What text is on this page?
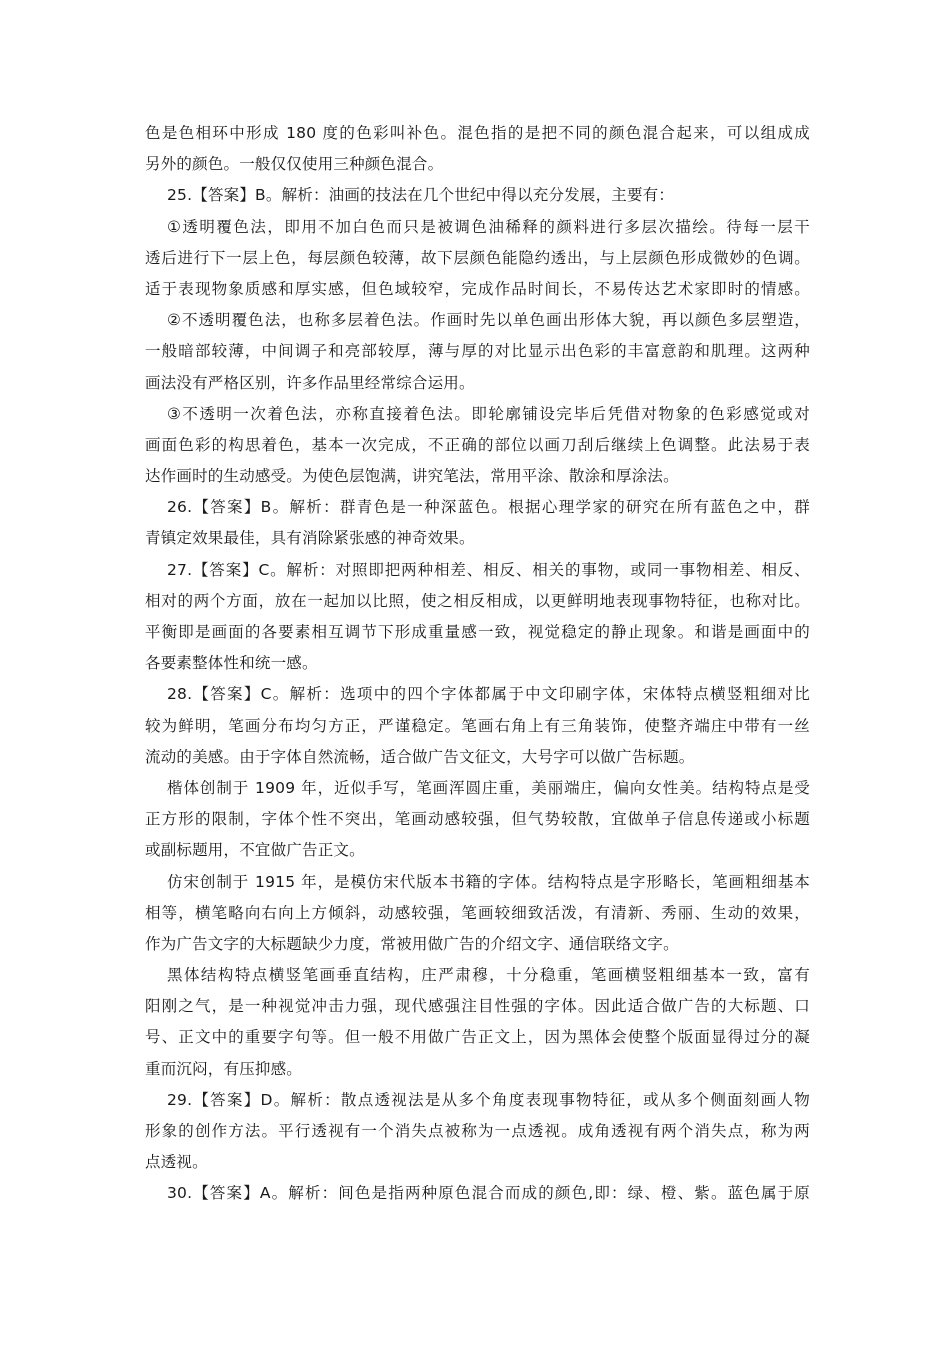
色是色相环中形成 180 度的色彩叫补色。混色指的是把不同的颜色混合起来，可以组成成
另外的颜色。一般仅仅使用三种颜色混合。
25.【答案】B。解析：油画的技法在几个世纪中得以充分发展，主要有：
①透明覆色法，即用不加白色而只是被调色油稀释的颜料进行多层次描绘。待每一层干
透后进行下一层上色，每层颜色较薄，故下层颜色能隐约透出，与上层颜色形成微妙的色调。
适于表现物象质感和厚实感，但色域较窄，完成作品时间长，不易传达艺术家即时的情感。
②不透明覆色法，也称多层着色法。作画时先以单色画出形体大貌，再以颜色多层塑造，
一般暗部较薄，中间调子和亮部较厚，薄与厚的对比显示出色彩的丰富意韵和肌理。这两种
画法没有严格区别，许多作品里经常综合运用。
③不透明一次着色法，亦称直接着色法。即轮廓铺设完毕后凭借对物象的色彩感觉或对
画面色彩的构思着色，基本一次完成，不正确的部位以画刀刮后继续上色调整。此法易于表
达作画时的生动感受。为使色层饱满，讲究笔法，常用平涂、散涂和厚涂法。
26.【答案】B。解析：群青色是一种深蓝色。根据心理学家的研究在所有蓝色之中，群
青镇定效果最佳，具有消除紧张感的神奇效果。
27.【答案】C。解析：对照即把两种相差、相反、相关的事物，或同一事物相差、相反、
相对的两个方面，放在一起加以比照，使之相反相成，以更鲜明地表现事物特征，也称对比。
平衡即是画面的各要素相互调节下形成重量感一致，视觉稳定的静止现象。和谐是画面中的
各要素整体性和统一感。
28.【答案】C。解析：选项中的四个字体都属于中文印刷字体，宋体特点横竖粗细对比
较为鲜明，笔画分布均匀方正，严谨稳定。笔画右角上有三角装饰，使整齐端庄中带有一丝
流动的美感。由于字体自然流畅，适合做广告文征文，大号字可以做广告标题。
楷体创制于 1909 年，近似手写，笔画浑圆庄重，美丽端庄，偏向女性美。结构特点是受
正方形的限制，字体个性不突出，笔画动感较强，但气势较散，宜做单子信息传递或小标题
或副标题用，不宜做广告正文。
仿宋创制于 1915 年，是模仿宋代版本书籍的字体。结构特点是字形略长，笔画粗细基本
相等，横笔略向右向上方倾斜，动感较强，笔画较细致活泼，有清新、秀丽、生动的效果，
作为广告文字的大标题缺少力度，常被用做广告的介绍文字、通信联络文字。
黑体结构特点横竖笔画垂直结构，庄严肃穆，十分稳重，笔画横竖粗细基本一致，富有
阳刚之气，是一种视觉冲击力强，现代感强注目性强的字体。因此适合做广告的大标题、口
号、正文中的重要字句等。但一般不用做广告正文上，因为黑体会使整个版面显得过分的凝
重而沉闷，有压抑感。
29.【答案】D。解析：散点透视法是从多个角度表现事物特征，或从多个侧面刻画人物
形象的创作方法。平行透视有一个消失点被称为一点透视。成角透视有两个消失点，称为两
点透视。
30.【答案】A。解析：间色是指两种原色混合而成的颜色,即：绿、橙、紫。蓝色属于原
